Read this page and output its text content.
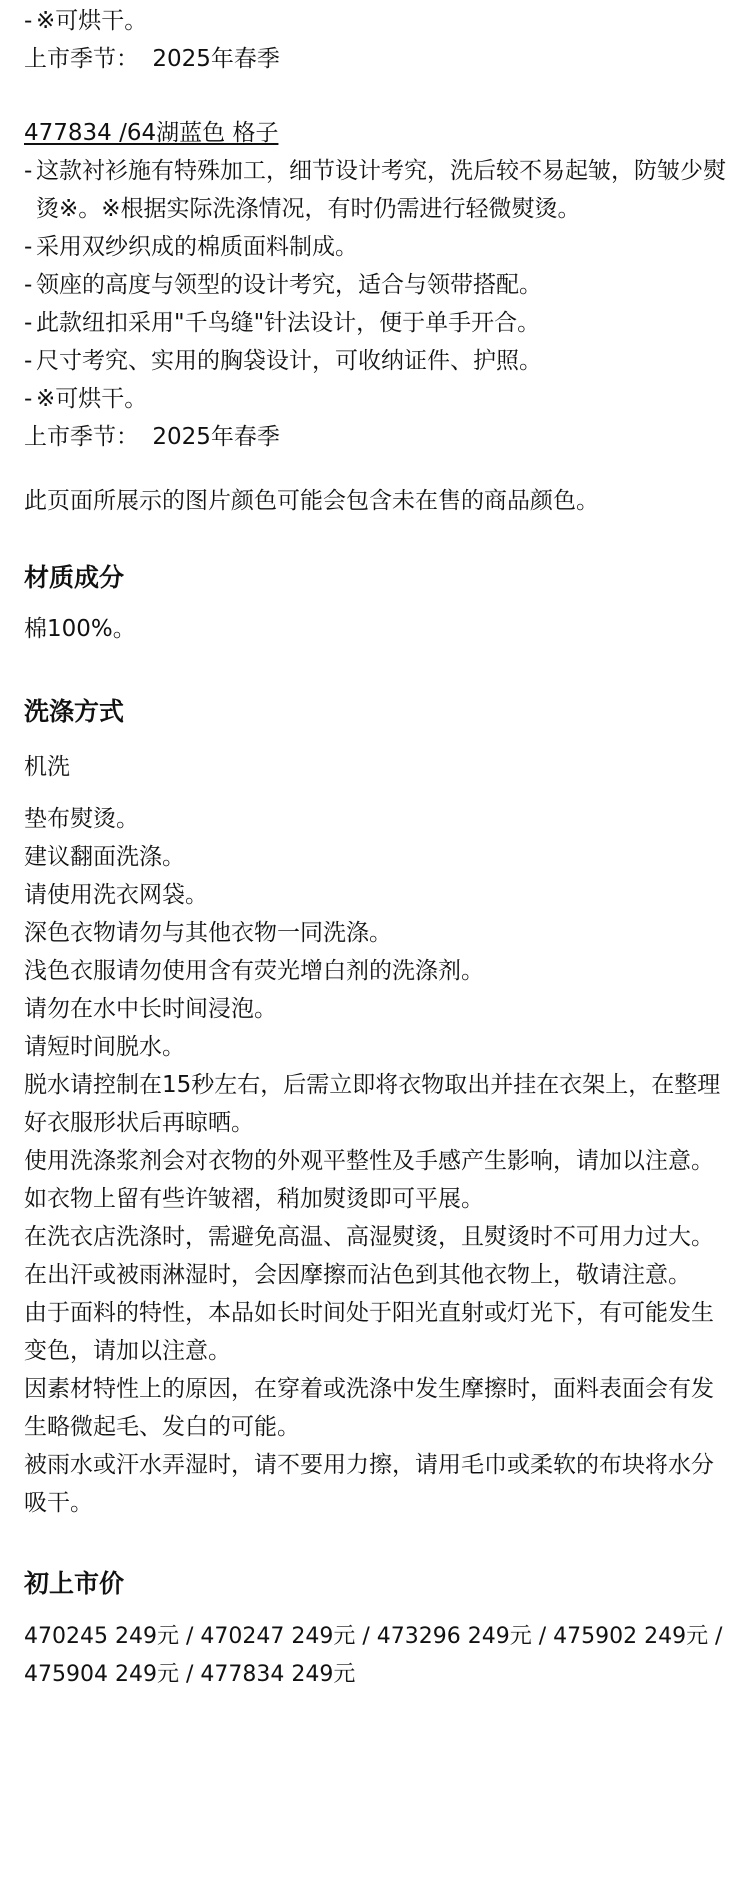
- ※可烘干。

上市季节： 2025年春季

477834 /64湖蓝色 格子
- 这款衬衫施有特殊加工，细节设计考究，洗后较不易起皱，防皱少熨烫※。※根据实际洗涤情况，有时仍需进行轻微熨烫。
- 采用双纱织成的棉质面料制成。
- 领座的高度与领型的设计考究，适合与领带搭配。
- 此款纽扣采用"千鸟缝"针法设计，便于单手开合。
- 尺寸考究、实用的胸袋设计，可收纳证件、护照。
- ※可烘干。

上市季节： 2025年春季

此页面所展示的图片颜色可能会包含未在售的商品颜色。

材质成分

棉100%。

洗涤方式

机洗

垫布熨烫。
建议翻面洗涤。
请使用洗衣网袋。
深色衣物请勿与其他衣物一同洗涤。
浅色衣服请勿使用含有荧光增白剂的洗涤剂。
请勿在水中长时间浸泡。
请短时间脱水。
脱水请控制在15秒左右，后需立即将衣物取出并挂在衣架上，在整理好衣服形状后再晾晒。
使用洗涤浆剂会对衣物的外观平整性及手感产生影响，请加以注意。
如衣物上留有些许皱褶，稍加熨烫即可平展。
在洗衣店洗涤时，需避免高温、高湿熨烫，且熨烫时不可用力过大。
在出汗或被雨淋湿时，会因摩擦而沾色到其他衣物上，敬请注意。
由于面料的特性，本品如长时间处于阳光直射或灯光下，有可能发生变色，请加以注意。
因素材特性上的原因，在穿着或洗涤中发生摩擦时，面料表面会有发生略微起毛、发白的可能。
被雨水或汗水弄湿时，请不要用力擦，请用毛巾或柔软的布块将水分吸干。
初上市价

470245 249元 / 470247 249元 / 473296 249元 / 475902 249元 / 475904 249元 / 477834 249元
